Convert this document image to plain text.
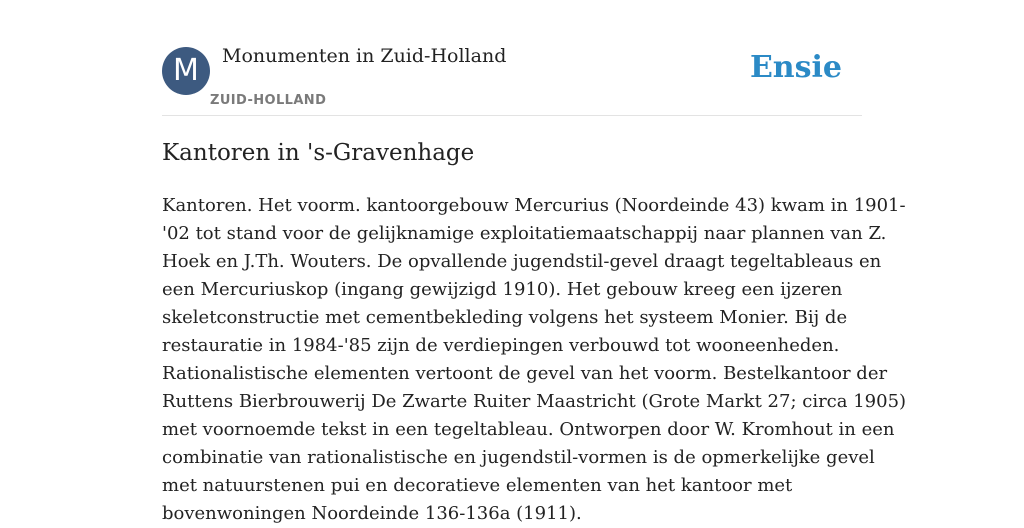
M	Monumenten in Zuid-Holland
ZUID-HOLLAND
Ensie
Kantoren in 's-Gravenhage

Kantoren. Het voorm. kantoorgebouw Mercurius (Noordeinde 43) kwam in 1901-
'02 tot stand voor de gelijknamige exploitatiemaatschappij naar plannen van Z.
Hoek en J.Th. Wouters. De opvallende jugendstil-gevel draagt tegeltableaus en
een Mercuriuskop (ingang gewijzigd 1910). Het gebouw kreeg een ijzeren
skeletconstructie met cementbekleding volgens het systeem Monier. Bij de
restauratie in 1984-'85 zijn de verdiepingen verbouwd tot wooneenheden.
Rationalistische elementen vertoont de gevel van het voorm. Bestelkantoor der
Ruttens Bierbrouwerij De Zwarte Ruiter Maastricht (Grote Markt 27; circa 1905)
met voornoemde tekst in een tegeltableau. Ontworpen door W. Kromhout in een
combinatie van rationalistische en jugendstil-vormen is de opmerkelijke gevel
met natuurstenen pui en decoratieve elementen van het kantoor met
bovenwoningen Noordeinde 136-136a (1911).
